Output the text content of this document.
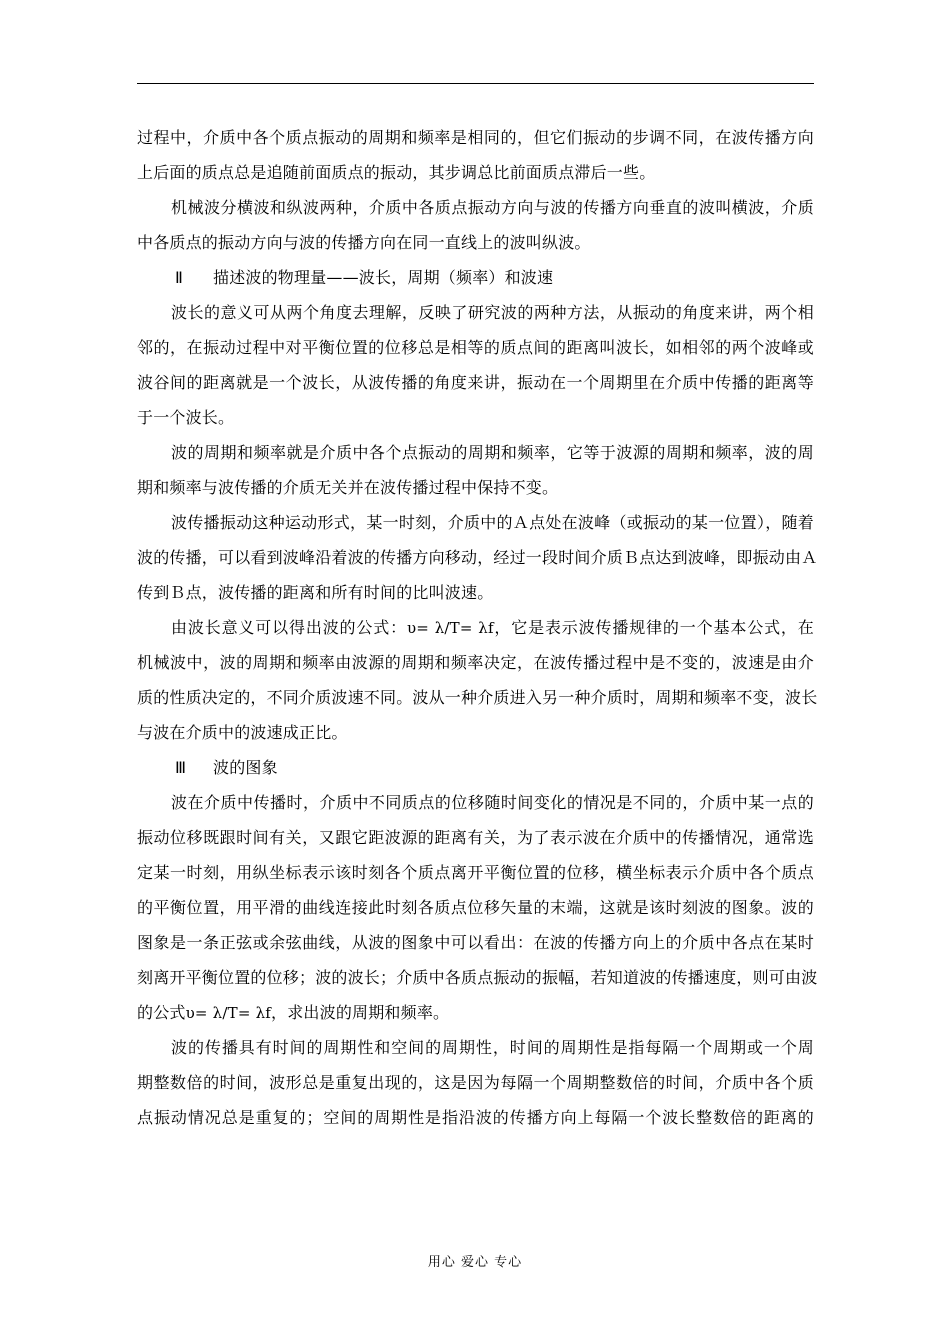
过程中，介质中各个质点振动的周期和频率是相同的，但它们振动的步调不同，在波传播方向
上后面的质点总是追随前面质点的振动，其步调总比前面质点滞后一些。
机械波分横波和纵波两种，介质中各质点振动方向与波的传播方向垂直的波叫横波，介质
中各质点的振动方向与波的传播方向在同一直线上的波叫纵波。
Ⅱ 描述波的物理量——波长，周期（频率）和波速
波长的意义可从两个角度去理解，反映了研究波的两种方法，从振动的角度来讲，两个相
邻的，在振动过程中对平衡位置的位移总是相等的质点间的距离叫波长，如相邻的两个波峰或
波谷间的距离就是一个波长，从波传播的角度来讲，振动在一个周期里在介质中传播的距离等
于一个波长。
波的周期和频率就是介质中各个点振动的周期和频率，它等于波源的周期和频率，波的周
期和频率与波传播的介质无关并在波传播过程中保持不变。
波传播振动这种运动形式，某一时刻，介质中的Ａ点处在波峰（或振动的某一位置），随着
波的传播，可以看到波峰沿着波的传播方向移动，经过一段时间介质Ｂ点达到波峰，即振动由Ａ
传到Ｂ点，波传播的距离和所有时间的比叫波速。
由波长意义可以得出波的公式：υ= λ/T= λf，它是表示波传播规律的一个基本公式，在
机械波中，波的周期和频率由波源的周期和频率决定，在波传播过程中是不变的，波速是由介
质的性质决定的，不同介质波速不同。波从一种介质进入另一种介质时，周期和频率不变，波长
与波在介质中的波速成正比。
Ⅲ 波的图象
波在介质中传播时，介质中不同质点的位移随时间变化的情况是不同的，介质中某一点的
振动位移既跟时间有关，又跟它距波源的距离有关，为了表示波在介质中的传播情况，通常选
定某一时刻，用纵坐标表示该时刻各个质点离开平衡位置的位移，横坐标表示介质中各个质点
的平衡位置，用平滑的曲线连接此时刻各质点位移矢量的末端，这就是该时刻波的图象。波的
图象是一条正弦或余弦曲线，从波的图象中可以看出：在波的传播方向上的介质中各点在某时
刻离开平衡位置的位移；波的波长；介质中各质点振动的振幅，若知道波的传播速度，则可由波
的公式υ= λ/T= λf，求出波的周期和频率。
波的传播具有时间的周期性和空间的周期性，时间的周期性是指每隔一个周期或一个周
期整数倍的时间，波形总是重复出现的，这是因为每隔一个周期整数倍的时间，介质中各个质
点振动情况总是重复的；空间的周期性是指沿波的传播方向上每隔一个波长整数倍的距离的
用心 爱心 专心
